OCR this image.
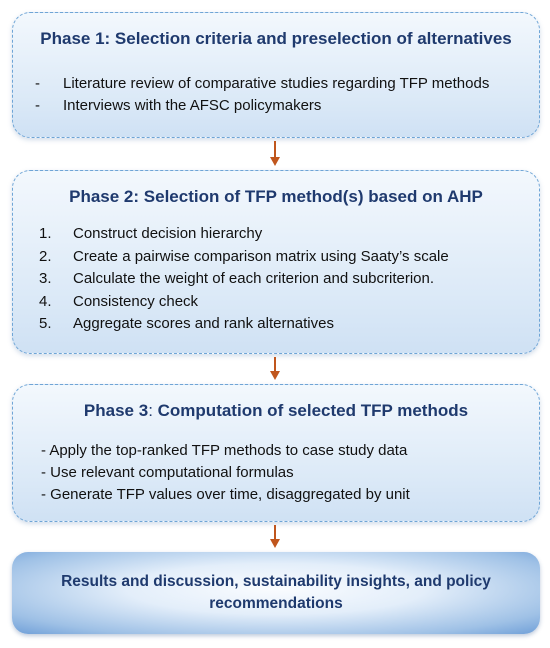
Phase 1: Selection criteria and preselection of alternatives
-	Literature review of comparative studies regarding TFP methods
-	Interviews with the AFSC policymakers
Phase 2: Selection of TFP method(s) based on AHP
1.	Construct decision hierarchy
2.	Create a pairwise comparison matrix using Saaty’s scale
3.	Calculate the weight of each criterion and subcriterion.
4.	Consistency check
5.	Aggregate scores and rank alternatives
Phase 3: Computation of selected TFP methods
- Apply the top-ranked TFP methods to case study data
- Use relevant computational formulas
- Generate TFP values over time, disaggregated by unit
Results and discussion, sustainability insights, and policy recommendations
